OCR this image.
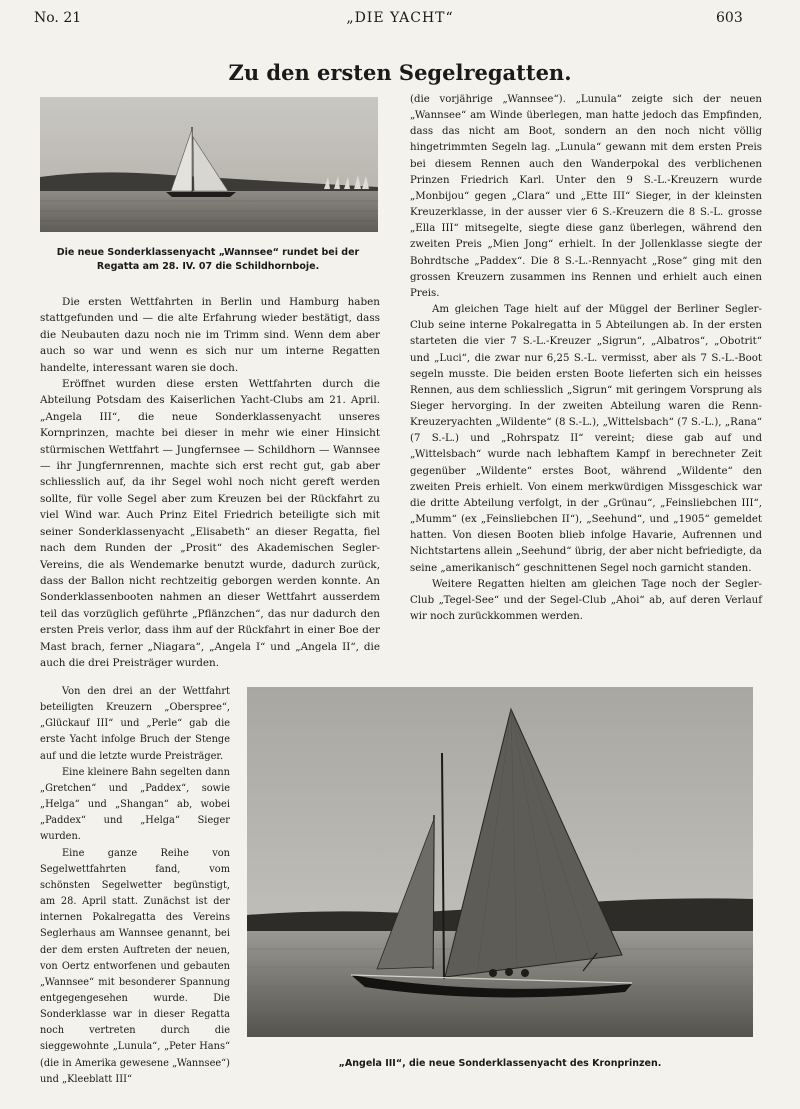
No. 21	„DIE YACHT“	603
Zu den ersten Segelregatten.
Die neue Sonderklassenyacht „Wannsee“ rundet bei der Regatta am 28. IV. 07 die Schildhornboje.

Die ersten Wettfahrten in Berlin und Hamburg haben stattgefunden und — die alte Erfahrung wieder bestätigt, dass die Neubauten dazu noch nie im Trimm sind. Wenn dem aber auch so war und wenn es sich nur um interne Regatten handelte, interessant waren sie doch.

Eröffnet wurden diese ersten Wettfahrten durch die Abteilung Potsdam des Kaiserlichen Yacht-Clubs am 21. April. „Angela III“, die neue Sonderklassenyacht unseres Kornprinzen, machte bei dieser in mehr wie einer Hinsicht stürmischen Wettfahrt — Jungfernsee — Schildhorn — Wannsee — ihr Jungfernrennen, machte sich erst recht gut, gab aber schliesslich auf, da ihr Segel wohl noch nicht gereft werden sollte, für volle Segel aber zum Kreuzen bei der Rückfahrt zu viel Wind war. Auch Prinz Eitel Friedrich beteiligte sich mit seiner Sonderklassenyacht „Elisabeth“ an dieser Regatta, fiel nach dem Runden der „Prosit“ des Akademischen Segler-Vereins, die als Wendemarke benutzt wurde, dadurch zurück, dass der Ballon nicht rechtzeitig geborgen werden konnte. An Sonderklassenbooten nahmen an dieser Wettfahrt ausserdem teil das vorzüglich geführte „Pflänzchen“, das nur dadurch den ersten Preis verlor, dass ihm auf der Rückfahrt in einer Boe der Mast brach, ferner „Niagara“, „Angela I“ und „Angela II“, die auch die drei Preisträger wurden.

Von den drei an der Wettfahrt beteiligten Kreuzern „Oberspree“, „Glückauf III“ und „Perle“ gab die erste Yacht infolge Bruch der Stenge auf und die letzte wurde Preisträger.

Eine kleinere Bahn segelten dann „Gretchen“ und „Paddex“, sowie „Helga“ und „Shangan“ ab, wobei „Paddex“ und „Helga“ Sieger wurden.

Eine ganze Reihe von Segelwettfahrten fand, vom schönsten Segelwetter begünstigt, am 28. April statt. Zunächst ist der internen Pokalregatta des Vereins Seglerhaus am Wannsee genannt, bei der dem ersten Auftreten der neuen, von Oertz entworfenen und gebauten „Wannsee“ mit besonderer Spannung entgegengesehen wurde. Die Sonderklasse war in dieser Regatta noch vertreten durch die sieggewohnte „Lunula“, „Peter Hans“ (die in Amerika gewesene „Wannsee“) und „Kleeblatt III“

(die vorjährige „Wannsee“). „Lunula“ zeigte sich der neuen „Wannsee“ am Winde überlegen, man hatte jedoch das Empfinden, dass das nicht am Boot, sondern an den noch nicht völlig hingetrimmten Segeln lag. „Lunula“ gewann mit dem ersten Preis bei diesem Rennen auch den Wanderpokal des verblichenen Prinzen Friedrich Karl. Unter den 9 S.-L.-Kreuzern wurde „Monbijou“ gegen „Clara“ und „Ette III“ Sieger, in der kleinsten Kreuzerklasse, in der ausser vier 6 S.-Kreuzern die 8 S.-L. grosse „Ella III“ mitsegelte, siegte diese ganz überlegen, während den zweiten Preis „Mien Jong“ erhielt. In der Jollenklasse siegte der Bohrdtsche „Paddex“. Die 8 S.-L.-Rennyacht „Rose“ ging mit den grossen Kreuzern zusammen ins Rennen und erhielt auch einen Preis.

Am gleichen Tage hielt auf der Müggel der Berliner Segler-Club seine interne Pokalregatta in 5 Abteilungen ab. In der ersten starteten die vier 7 S.-L.-Kreuzer „Sigrun“, „Albatros“, „Obotrit“ und „Luci“, die zwar nur 6,25 S.-L. vermisst, aber als 7 S.-L.-Boot segeln musste. Die beiden ersten Boote lieferten sich ein heisses Rennen, aus dem schliesslich „Sigrun“ mit geringem Vorsprung als Sieger hervorging. In der zweiten Abteilung waren die Renn-Kreuzeryachten „Wildente“ (8 S.-L.), „Wittelsbach“ (7 S.-L.), „Rana“ (7 S.-L.) und „Rohrspatz II“ vereint; diese gab auf und „Wittelsbach“ wurde nach lebhaftem Kampf in berechneter Zeit gegenüber „Wildente“ erstes Boot, während „Wildente“ den zweiten Preis erhielt. Von einem merkwürdigen Missgeschick war die dritte Abteilung verfolgt, in der „Grünau“, „Feinsliebchen III“, „Mumm“ (ex „Feinsliebchen II“), „Seehund“, und „1905“ gemeldet hatten. Von diesen Booten blieb infolge Havarie, Aufrennen und Nichtstartens allein „Seehund“ übrig, der aber nicht befriedigte, da seine „amerikanisch“ geschnittenen Segel noch garnicht standen.

Weitere Regatten hielten am gleichen Tage noch der Segler-Club „Tegel-See“ und der Segel-Club „Ahoi“ ab, auf deren Verlauf wir noch zurückkommen werden.

„Angela III“, die neue Sonderklassenyacht des Kronprinzen.
